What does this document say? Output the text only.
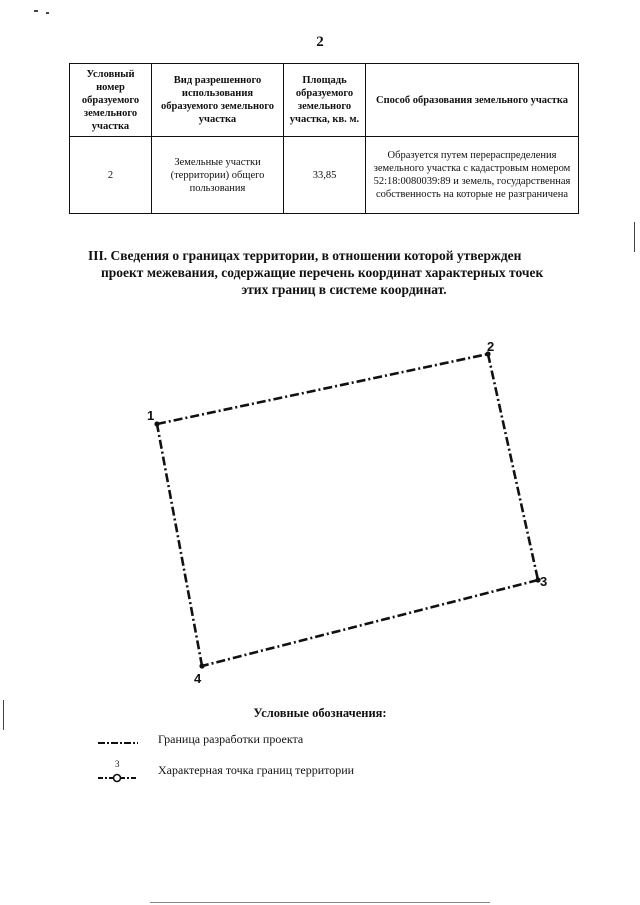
2
Условный номер образуемого земельного участка	Вид разрешенного использования образуемого земельного участка	Площадь образуемого земельного участка, кв. м.	Способ образования земельного участка
2	Земельные участки (территории) общего пользования	33,85	Образуется путем перераспределения земельного участка с кадастровым номером 52:18:0080039:89 и земель, государственная собственность на которые не разграничена
III. Сведения о границах территории, в отношении которой утвержден
проект межевания, содержащие перечень координат характерных точек
этих границ в системе координат.
1
2
3
4
Условные обозначения:
Граница разработки проекта
3	Характерная точка границ территории
